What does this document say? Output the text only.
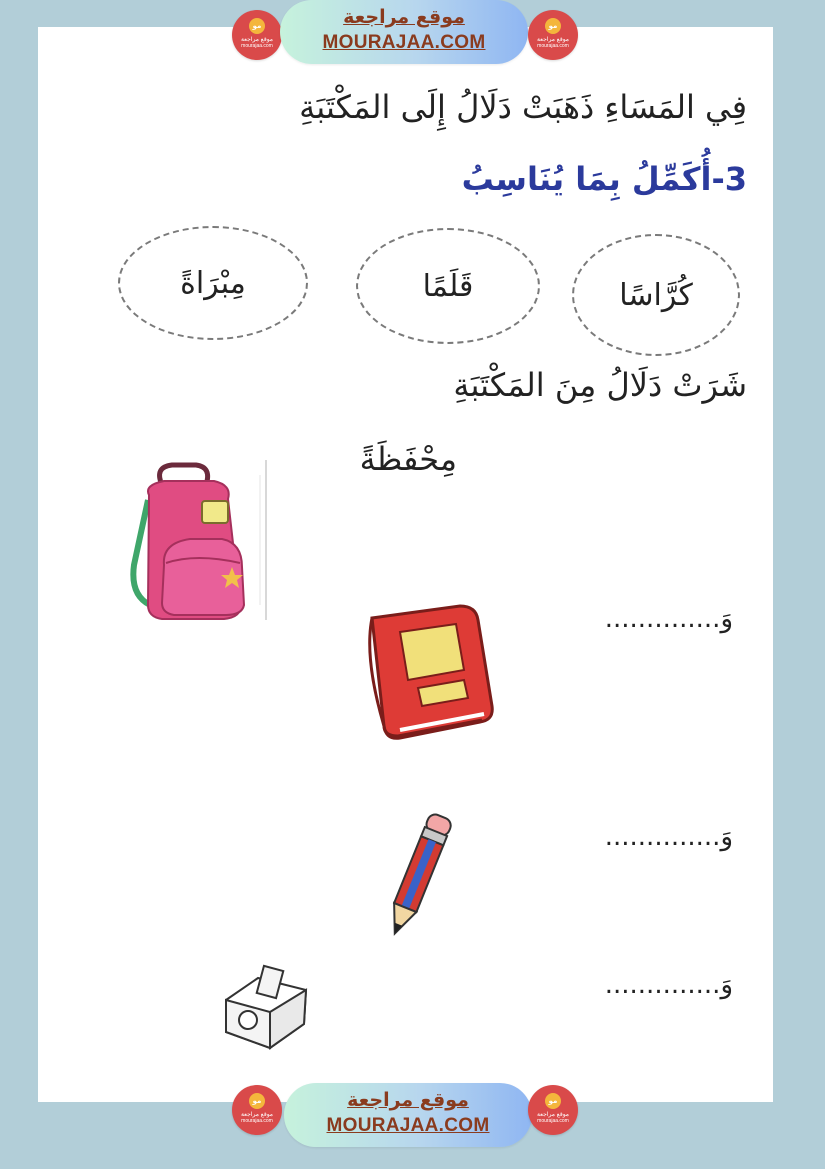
مو
موقع مراجعة
mourajaa.com
موقع مراجعة
MOURAJAA.COM
مو
موقع مراجعة
mourajaa.com
فِي المَسَاءِ ذَهَبَتْ دَلَالُ إِلَى المَكْتَبَةِ
3-أُكَمِّلُ بِمَا يُنَاسِبُ
كُرَّاسًا
قَلَمًا
مِبْرَاةً
شَرَتْ دَلَالُ مِنَ المَكْتَبَةِ
مِحْفَظَةً
وَ..............
وَ..............
وَ..............
مو
موقع مراجعة
mourajaa.com
موقع مراجعة
MOURAJAA.COM
مو
موقع مراجعة
mourajaa.com
